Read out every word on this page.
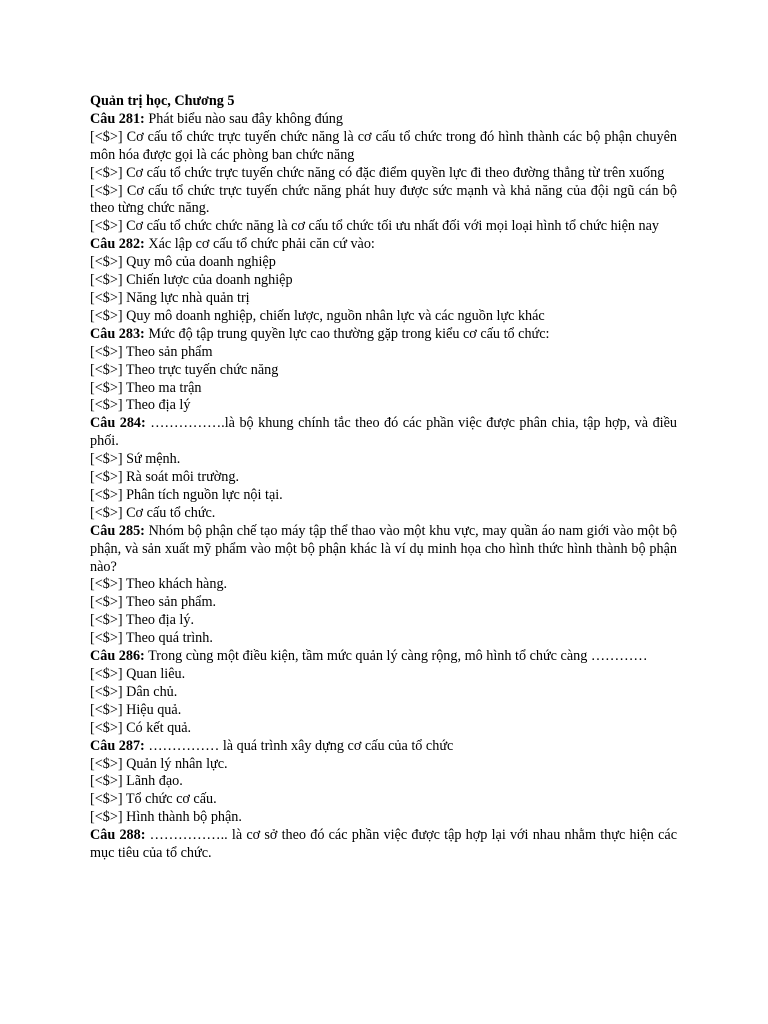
Quản trị học, Chương 5

Câu 281: Phát biểu nào sau đây không đúng

[<$>] Cơ cấu tổ chức trực tuyến chức năng là cơ cấu tổ chức trong đó hình thành các bộ phận chuyên môn hóa được gọi là các phòng ban chức năng

[<$>] Cơ cấu tổ chức trực tuyến chức năng có đặc điểm quyền lực đi theo đường thẳng từ trên xuống

[<$>] Cơ cấu tổ chức trực tuyến chức năng phát huy được sức mạnh và khả năng của đội ngũ cán bộ theo từng chức năng.

[<$>] Cơ cấu tổ chức chức năng là cơ cấu tổ chức tối ưu nhất đối với mọi loại hình tổ chức hiện nay

Câu 282: Xác lập cơ cấu tổ chức phải căn cứ vào:

[<$>] Quy mô của doanh nghiệp

[<$>] Chiến lược của doanh nghiệp

[<$>] Năng lực nhà quản trị

[<$>] Quy mô doanh nghiệp, chiến lược, nguồn nhân lực và các nguồn lực khác

Câu 283: Mức độ tập trung quyền lực cao thường gặp trong kiểu cơ cấu tổ chức:

[<$>] Theo sản phẩm

[<$>] Theo trực tuyến chức năng

[<$>] Theo ma trận

[<$>] Theo địa lý

Câu 284: …………….là bộ khung chính tắc theo đó các phần việc được phân chia, tập hợp, và điều phối.

[<$>] Sứ mệnh.

[<$>] Rà soát môi trường.

[<$>] Phân tích nguồn lực nội tại.

[<$>] Cơ cấu tổ chức.

Câu 285: Nhóm bộ phận chế tạo máy tập thể thao vào một khu vực, may quần áo nam giới vào một bộ phận, và sản xuất mỹ phẩm vào một bộ phận khác là ví dụ minh họa cho hình thức hình thành bộ phận nào?

[<$>] Theo khách hàng.

[<$>] Theo sản phẩm.

[<$>] Theo địa lý.

[<$>] Theo quá trình.

Câu 286: Trong cùng một điều kiện, tầm mức quản lý càng rộng, mô hình tổ chức càng …………

[<$>] Quan liêu.

[<$>] Dân chủ.

[<$>] Hiệu quả.

[<$>] Có kết quả.

Câu 287: …………… là quá trình xây dựng cơ cấu của tổ chức

[<$>] Quản lý nhân lực.

[<$>] Lãnh đạo.

[<$>] Tổ chức cơ cấu.

[<$>] Hình thành bộ phận.

Câu 288: …………….. là cơ sở theo đó các phần việc được tập hợp lại với nhau nhằm thực hiện các mục tiêu của tổ chức.
